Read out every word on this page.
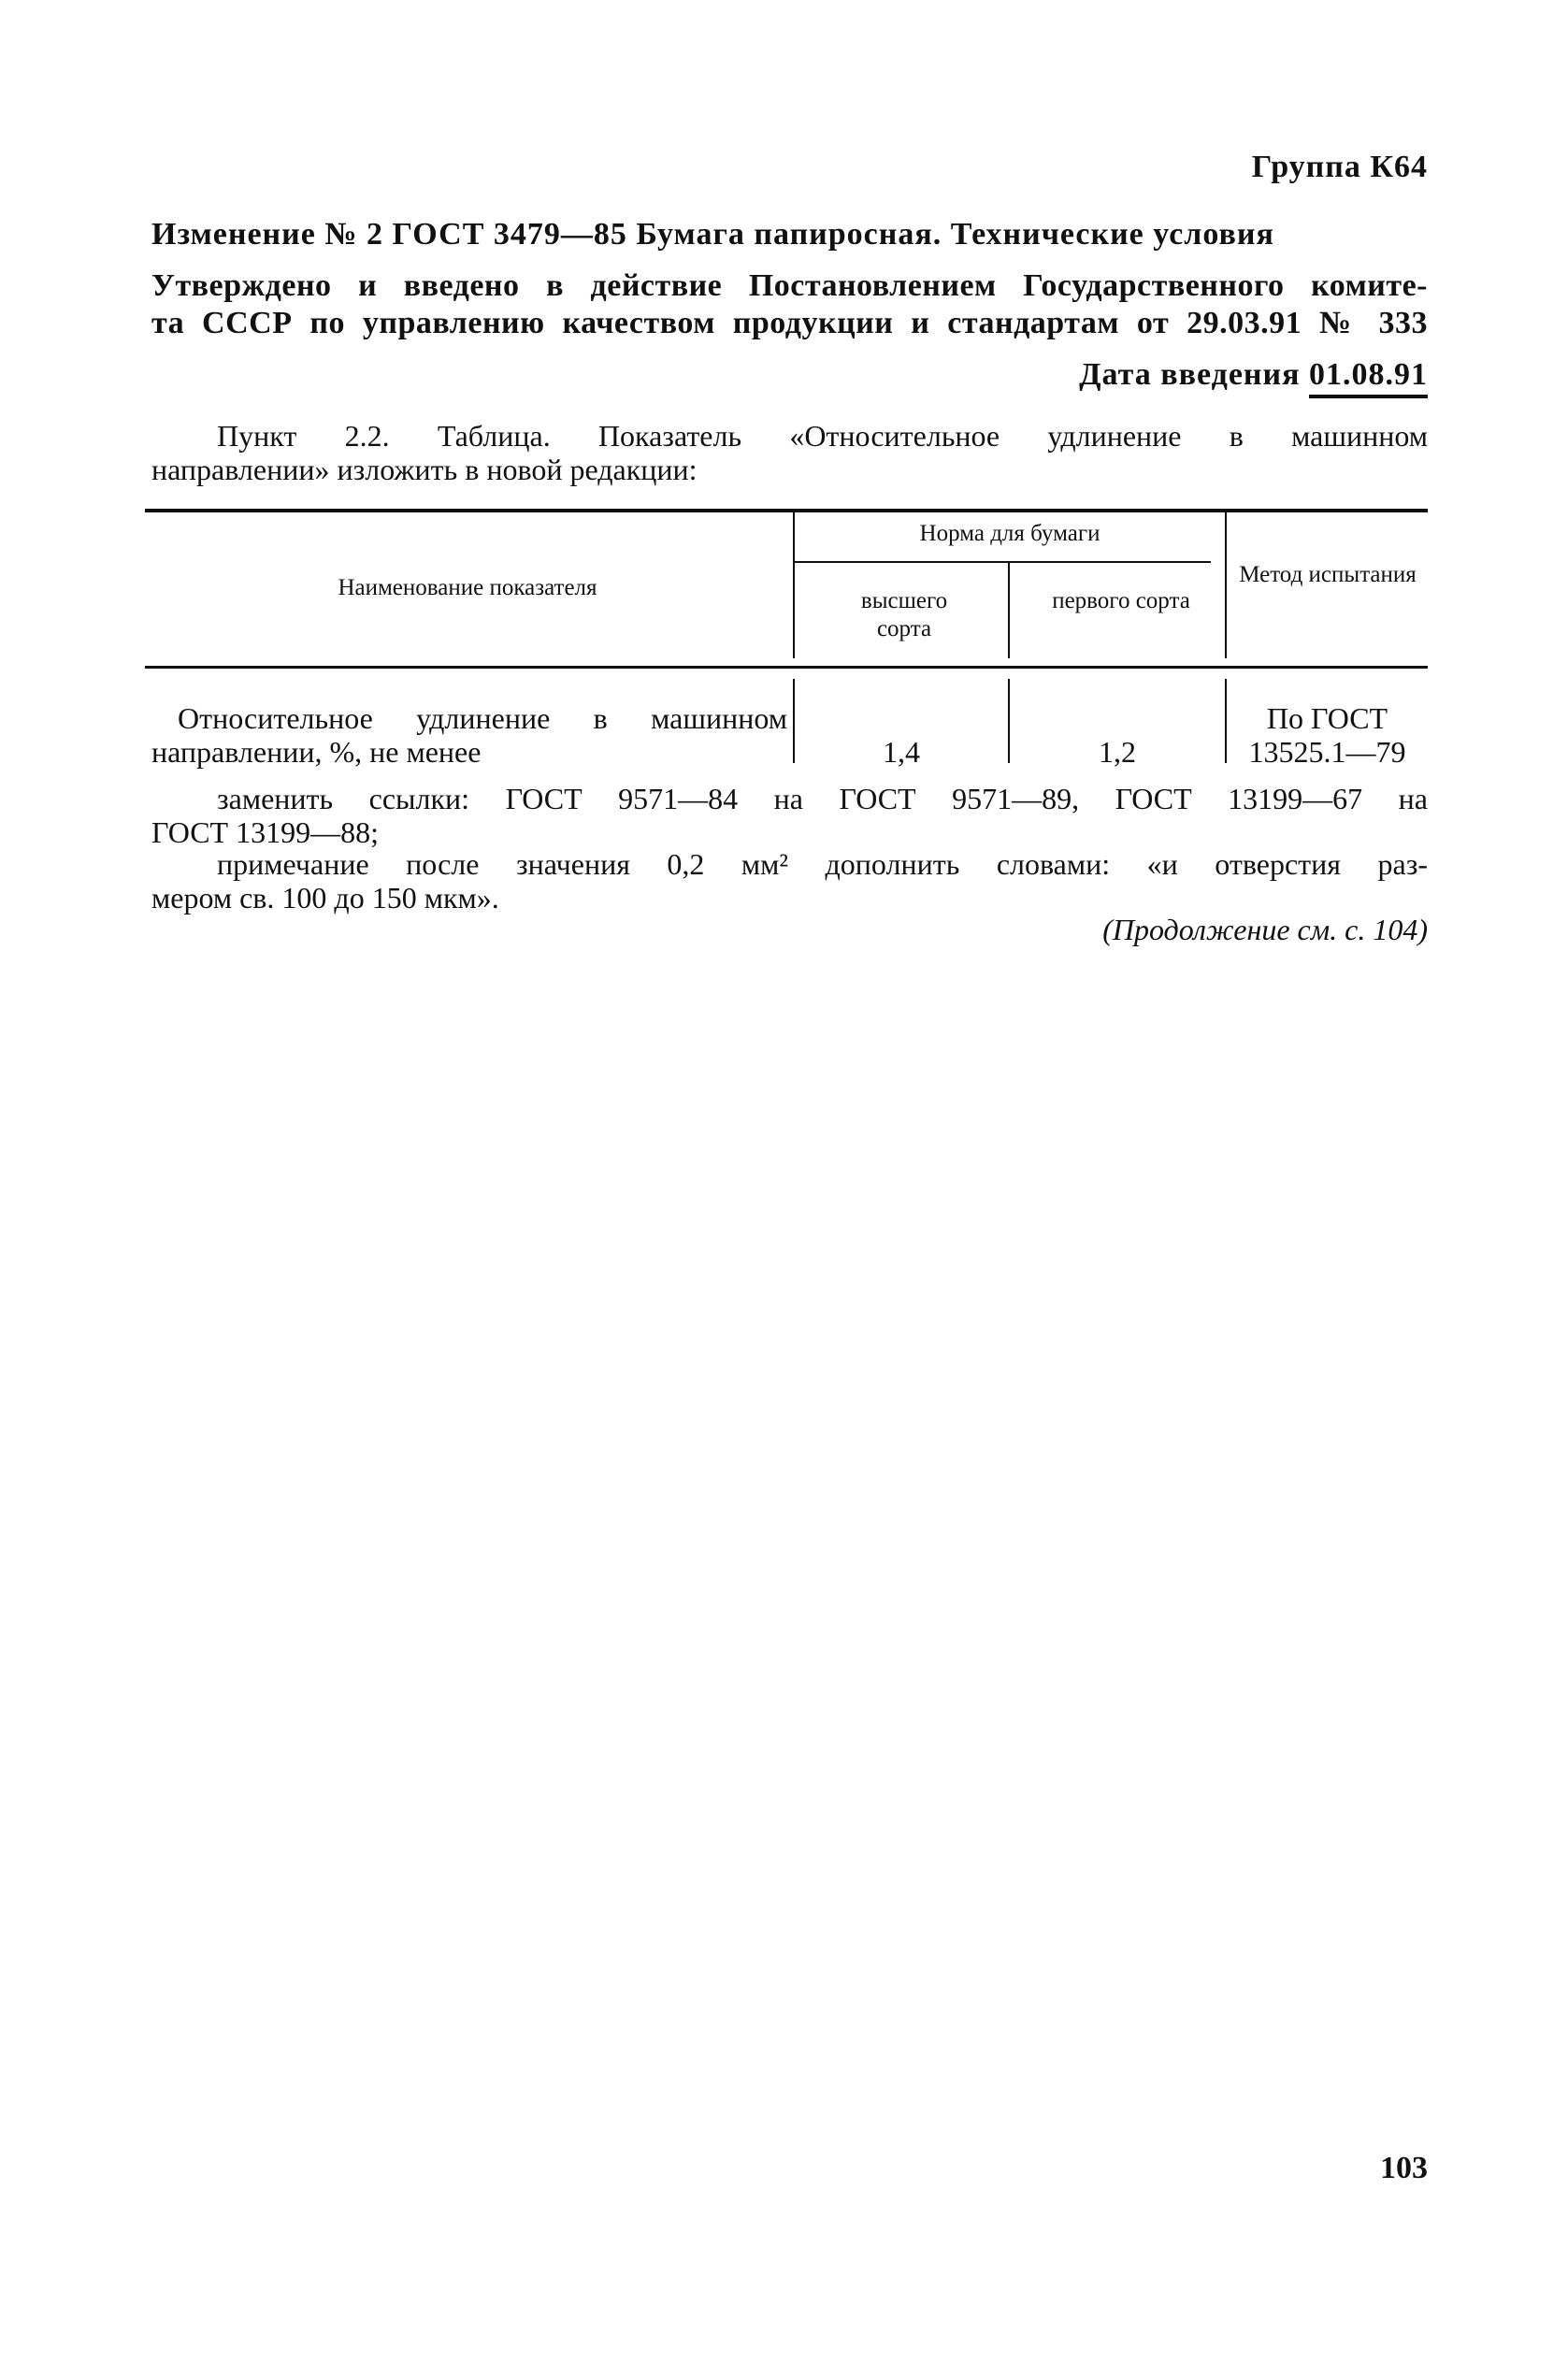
Группа К64
Изменение № 2 ГОСТ 3479—85 Бумага папиросная. Технические условия
Утверждено и введено в действие Постановлением Государственного комите-
та СССР по управлению качеством продукции и стандартам от 29.03.91 № 333
Дата введения 01.08.91
Пункт 2.2. Таблица. Показатель «Относительное удлинение в машинном
направлении» изложить в новой редакции:
Наименование показателя
Норма для бумаги
высшего сорта
первого сорта
Метод испытания
Относительное удлинение в машинном
направлении, %, не менее	1,4	1,2
По ГОСТ
13525.1—79
заменить ссылки: ГОСТ 9571—84 на ГОСТ 9571—89, ГОСТ 13199—67 на
ГОСТ 13199—88;
примечание после значения 0,2 мм² дополнить словами: «и отверстия раз-
мером св. 100 до 150 мкм».
(Продолжение см. с. 104)
103
